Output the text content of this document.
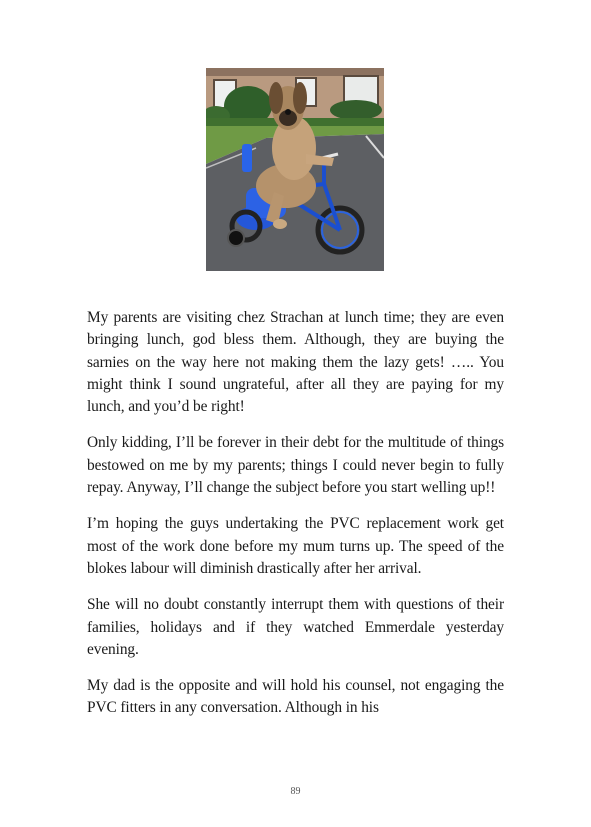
My parents are visiting chez Strachan at lunch time; they are even bringing lunch, god bless them. Although, they are buying the sarnies on the way here not making them the lazy gets! ….. You might think I sound ungrateful, after all they are paying for my lunch, and you’d be right!

Only kidding, I’ll be forever in their debt for the multitude of things bestowed on me by my parents; things I could never begin to fully repay. Anyway, I’ll change the subject before you start welling up!!

I’m hoping the guys undertaking the PVC replacement work get most of the work done before my mum turns up. The speed of the blokes labour will diminish drastically after her arrival.

She will no doubt constantly interrupt them with questions of their families, holidays and if they watched Emmerdale yesterday evening.

My dad is the opposite and will hold his counsel, not engaging the PVC fitters in any conversation. Although in his

89
